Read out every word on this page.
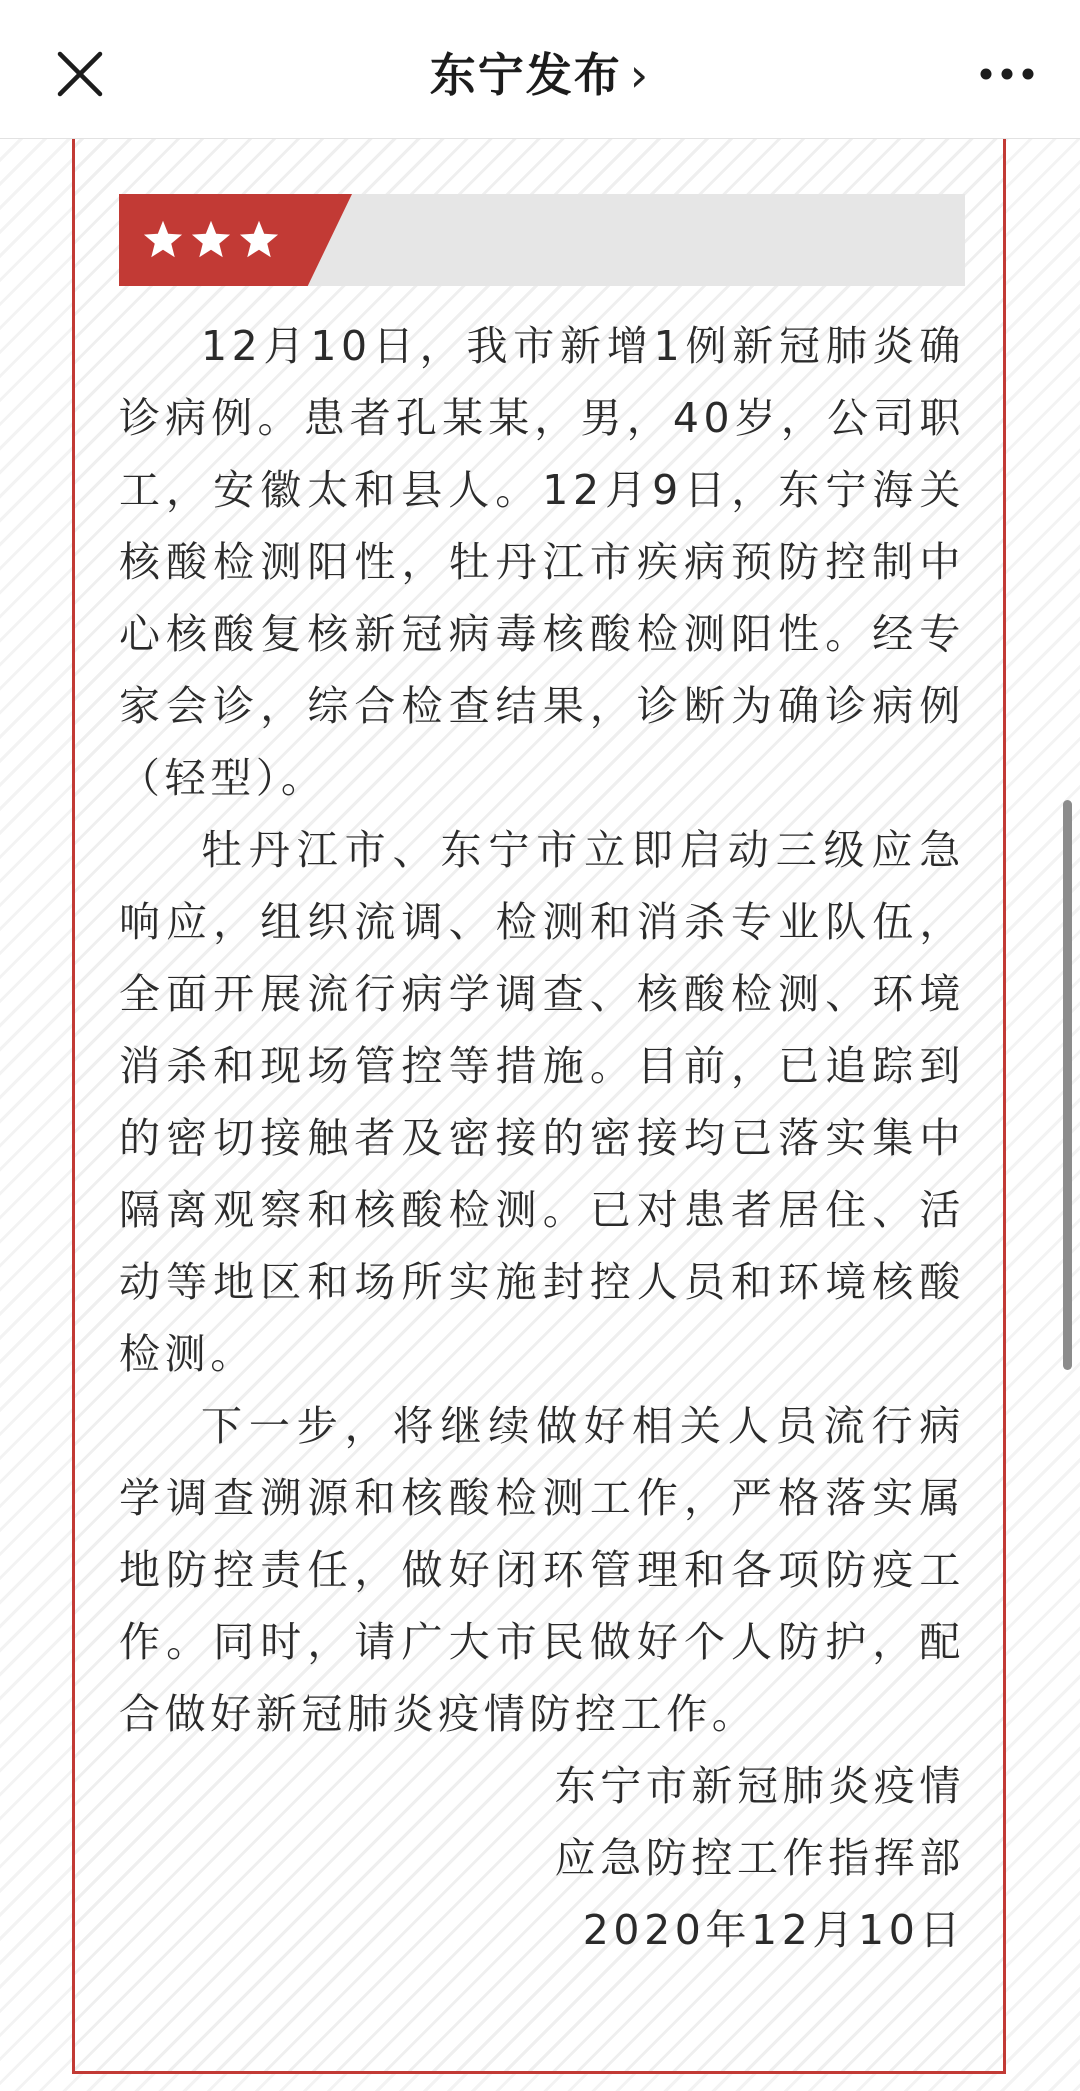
东宁发布 ›

12月10日，我市新增1例新冠肺炎确诊病例。患者孔某某，男，40岁，公司职工，安徽太和县人。12月9日，东宁海关核酸检测阳性，牡丹江市疾病预防控制中心核酸复核新冠病毒核酸检测阳性。经专家会诊，综合检查结果，诊断为确诊病例（轻型）。

牡丹江市、东宁市立即启动三级应急响应，组织流调、检测和消杀专业队伍，全面开展流行病学调查、核酸检测、环境消杀和现场管控等措施。目前，已追踪到的密切接触者及密接的密接均已落实集中隔离观察和核酸检测。已对患者居住、活动等地区和场所实施封控人员和环境核酸检测。

下一步，将继续做好相关人员流行病学调查溯源和核酸检测工作，严格落实属地防控责任，做好闭环管理和各项防疫工作。同时，请广大市民做好个人防护，配合做好新冠肺炎疫情防控工作。

东宁市新冠肺炎疫情

应急防控工作指挥部

2020年12月10日
